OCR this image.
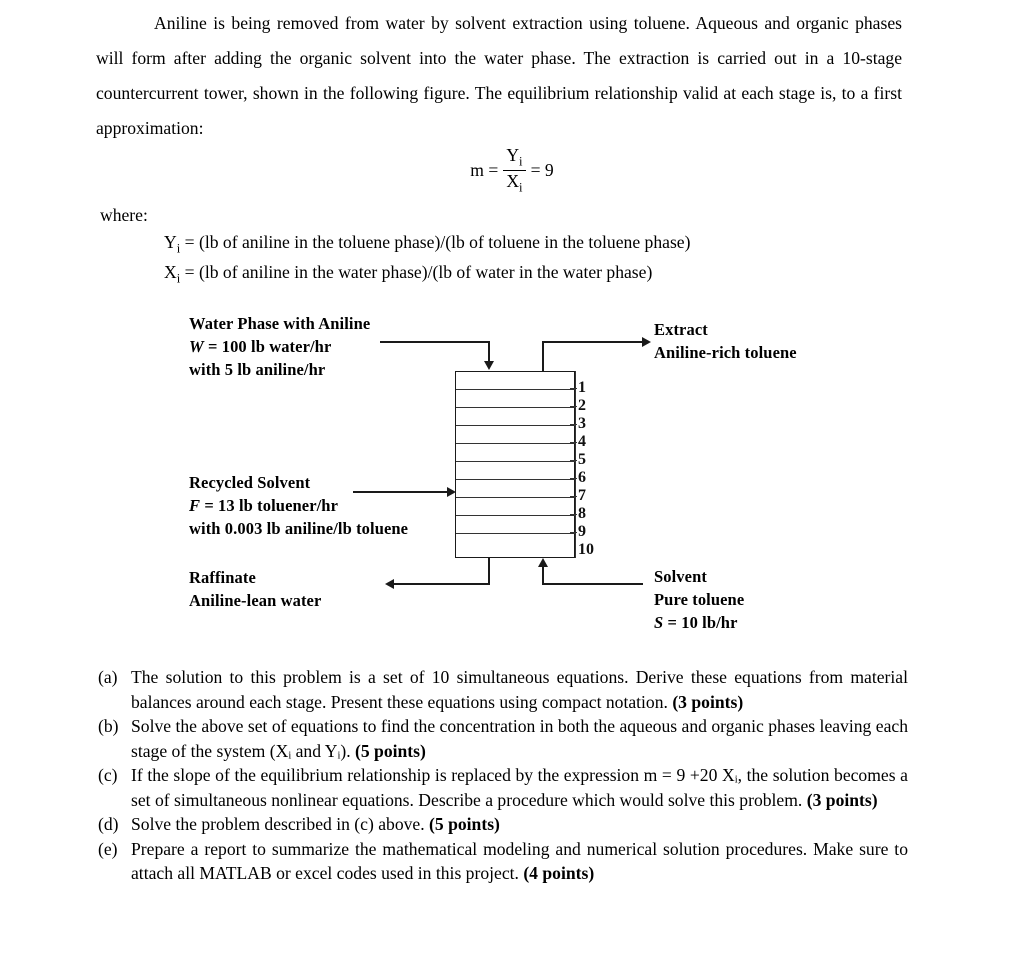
Aniline is being removed from water by solvent extraction using toluene. Aqueous and organic phases will form after adding the organic solvent into the water phase. The extraction is carried out in a 10-stage countercurrent tower, shown in the following figure. The equilibrium relationship valid at each stage is, to a first approximation:
$m = \frac{Y_i}{X_i} = 9$
where:
$Y_i = (lb$ of aniline in the toluene phase)/(lb of toluene in the toluene phase)
$X_i = (lb$ of aniline in the water phase)/(lb of water in the water phase)
Water Phase with Aniline
W = 100 lb water/hr
with 5 lb aniline/hr
Recycled Solvent
F = 13 lb toluener/hr
with 0.003 lb aniline/lb toluene
Raffinate
Aniline-lean water
Extract
Aniline-rich toluene
Solvent
Pure toluene
S = 10 lb/hr
1
2
3
4
5
6
7
8
9
10
(a) The solution to this problem is a set of 10 simultaneous equations. Derive these equations from material balances around each stage. Present these equations using compact notation. (3 points)
(b) Solve the above set of equations to find the concentration in both the aqueous and organic phases leaving each stage of the system (Xᵢ and Yᵢ). (5 points)
(c) If the slope of the equilibrium relationship is replaced by the expression m = 9 +20 Xᵢ, the solution becomes a set of simultaneous nonlinear equations. Describe a procedure which would solve this problem. (3 points)
(d) Solve the problem described in (c) above. (5 points)
(e) Prepare a report to summarize the mathematical modeling and numerical solution procedures. Make sure to attach all MATLAB or excel codes used in this project. (4 points)
